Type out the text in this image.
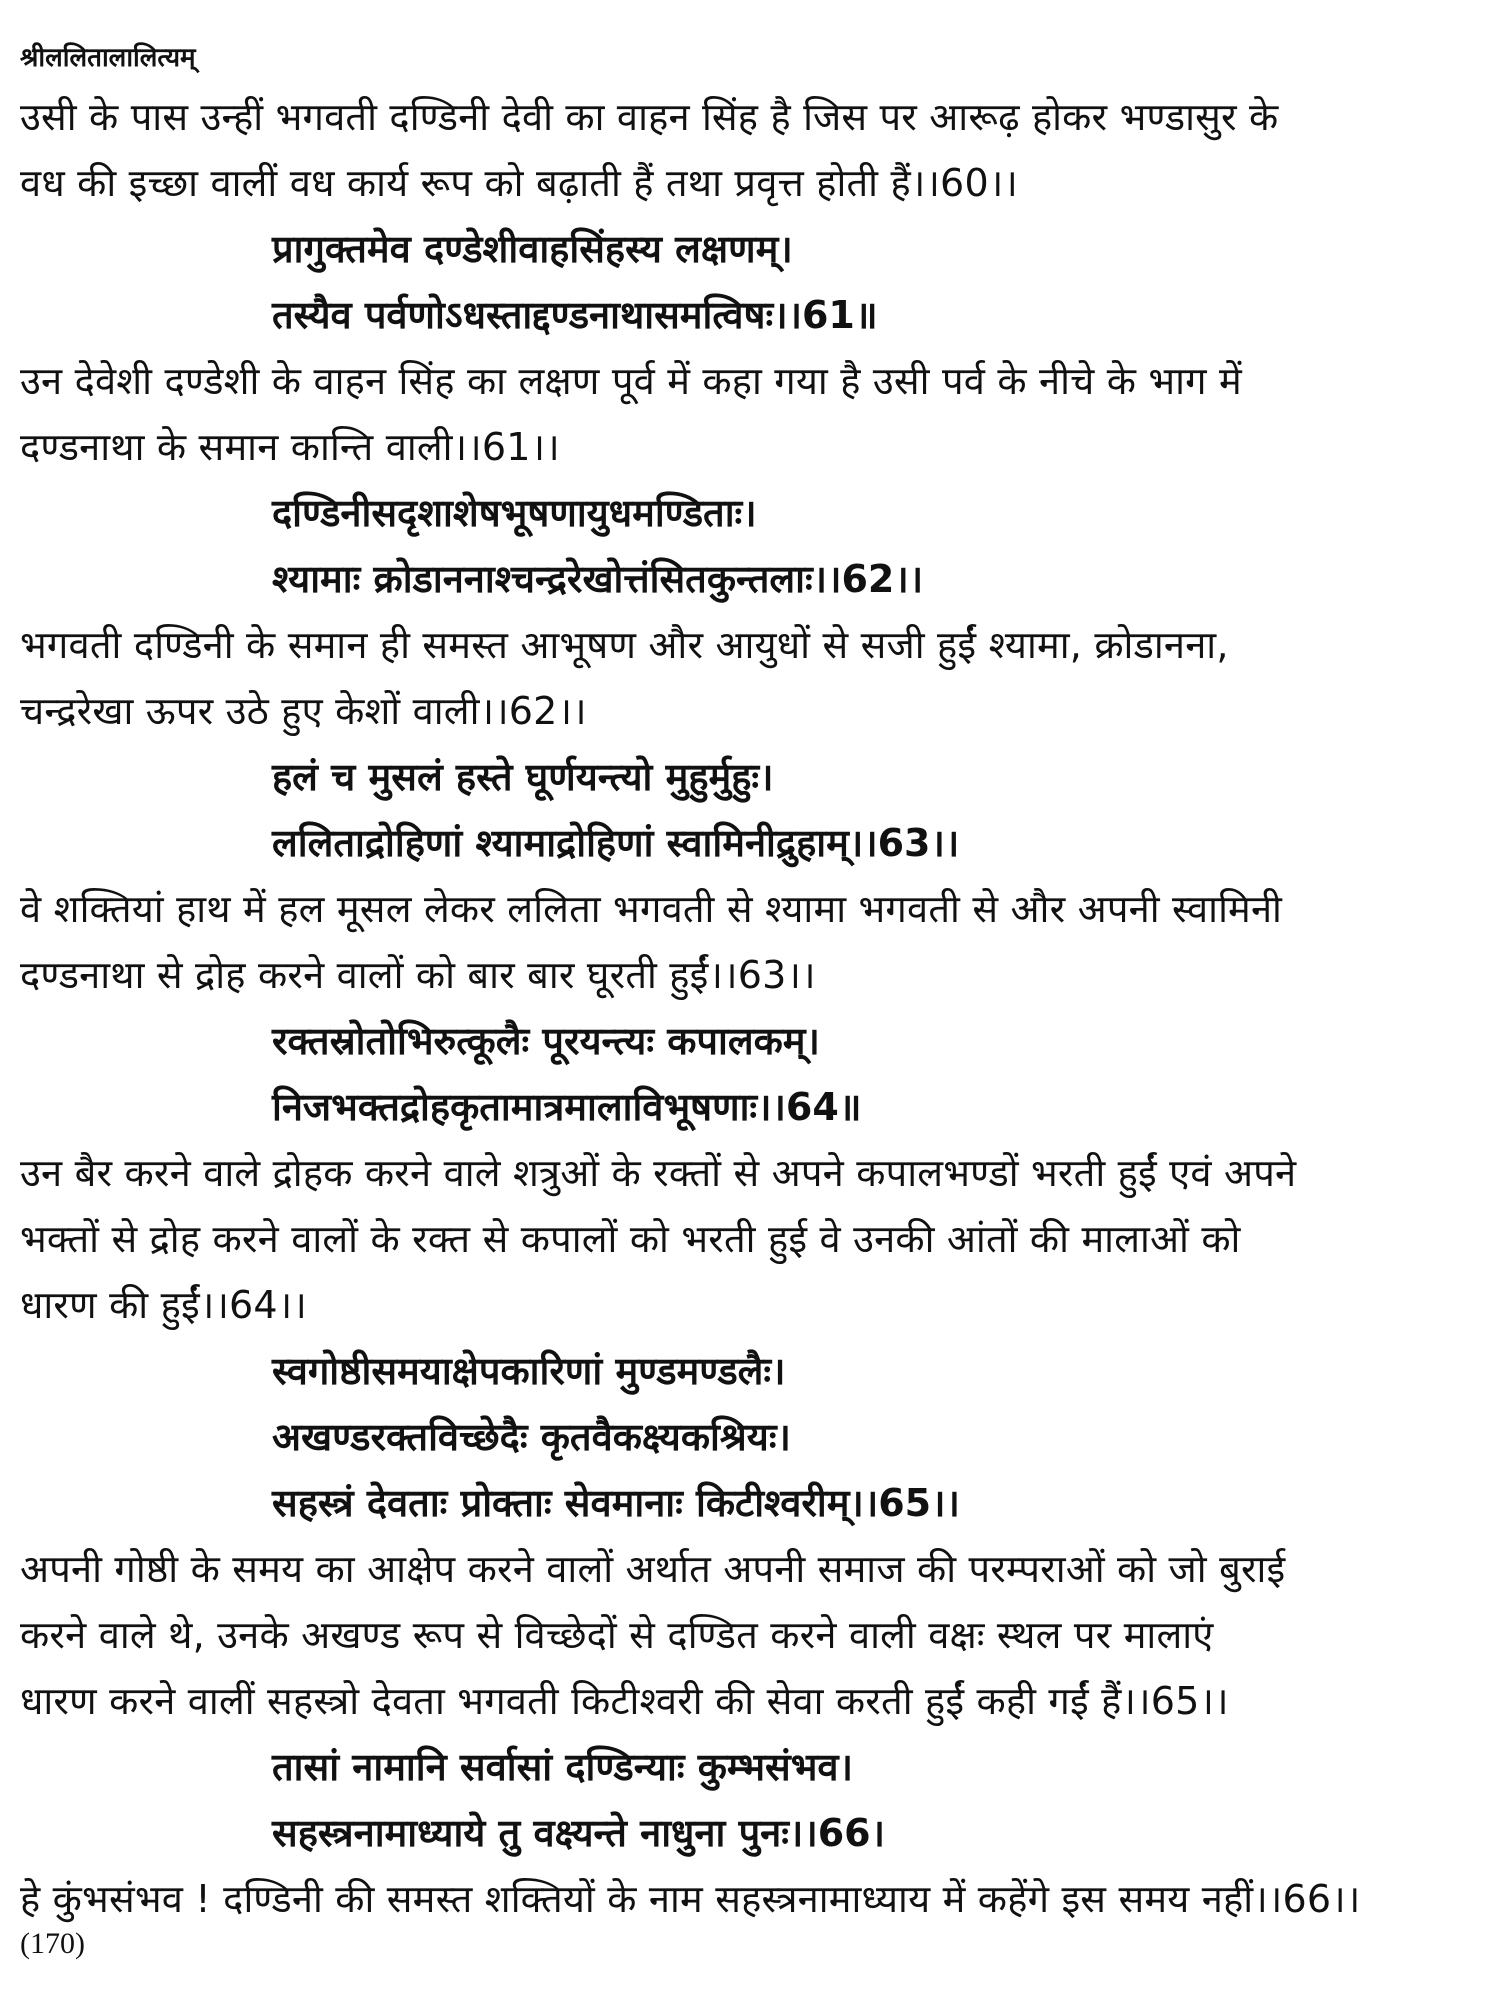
श्रीललितालालित्यम्
उसी के पास उन्हीं भगवती दण्डिनी देवी का वाहन सिंह है जिस पर आरूढ़ होकर भण्डासुर के
वध की इच्छा वालीं वध कार्य रूप को बढ़ाती हैं तथा प्रवृत्त होती हैं।।60।।
प्रागुक्तमेव दण्डेशीवाहसिंहस्य लक्षणम्।
तस्यैव पर्वणोऽधस्ताद्दण्डनाथासमत्विषः।।61॥
उन देवेशी दण्डेशी के वाहन सिंह का लक्षण पूर्व में कहा गया है उसी पर्व के नीचे के भाग में
दण्डनाथा के समान कान्ति वाली।।61।।
दण्डिनीसदृशाशेषभूषणायुधमण्डिताः।
श्यामाः क्रोडाननाश्चन्द्ररेखोत्तंसितकुन्तलाः।।62।।
भगवती दण्डिनी के समान ही समस्त आभूषण और आयुधों से सजी हुईं श्यामा, क्रोडानना,
चन्द्ररेखा ऊपर उठे हुए केशों वाली।।62।।
हलं च मुसलं हस्ते घूर्णयन्त्यो मुहुर्मुहुः।
ललिताद्रोहिणां श्यामाद्रोहिणां स्वामिनीद्रुहाम्।।63।।
वे शक्तियां हाथ में हल मूसल लेकर ललिता भगवती से श्यामा भगवती से और अपनी स्वामिनी
दण्डनाथा से द्रोह करने वालों को बार बार घूरती हुईं।।63।।
रक्तस्रोतोभिरुत्कूलैः पूरयन्त्यः कपालकम्।
निजभक्तद्रोहकृतामात्रमालाविभूषणाः।।64॥
उन बैर करने वाले द्रोहक करने वाले शत्रुओं के रक्तों से अपने कपालभण्डों भरती हुईं एवं अपने
भक्तों से द्रोह करने वालों के रक्त से कपालों को भरती हुई वे उनकी आंतों की मालाओं को
धारण की हुईं।।64।।
स्वगोष्ठीसमयाक्षेपकारिणां मुण्डमण्डलैः।
अखण्डरक्तविच्छेदैः कृतवैकक्ष्यकश्रियः।
सहस्त्रं देवताः प्रोक्ताः सेवमानाः किटीश्वरीम्।।65।।
अपनी गोष्ठी के समय का आक्षेप करने वालों अर्थात अपनी समाज की परम्पराओं को जो बुराई
करने वाले थे, उनके अखण्ड रूप से विच्छेदों से दण्डित करने वाली वक्षः स्थल पर मालाएं
धारण करने वालीं सहस्त्रो देवता भगवती किटीश्वरी की सेवा करती हुईं कही गईं हैं।।65।।
तासां नामानि सर्वासां दण्डिन्याः कुम्भसंभव।
सहस्त्रनामाध्याये तु वक्ष्यन्ते नाधुना पुनः।।66।
हे कुंभसंभव ! दण्डिनी की समस्त शक्तियों के नाम सहस्त्रनामाध्याय में कहेंगे इस समय नहीं।।66।।
(170)
